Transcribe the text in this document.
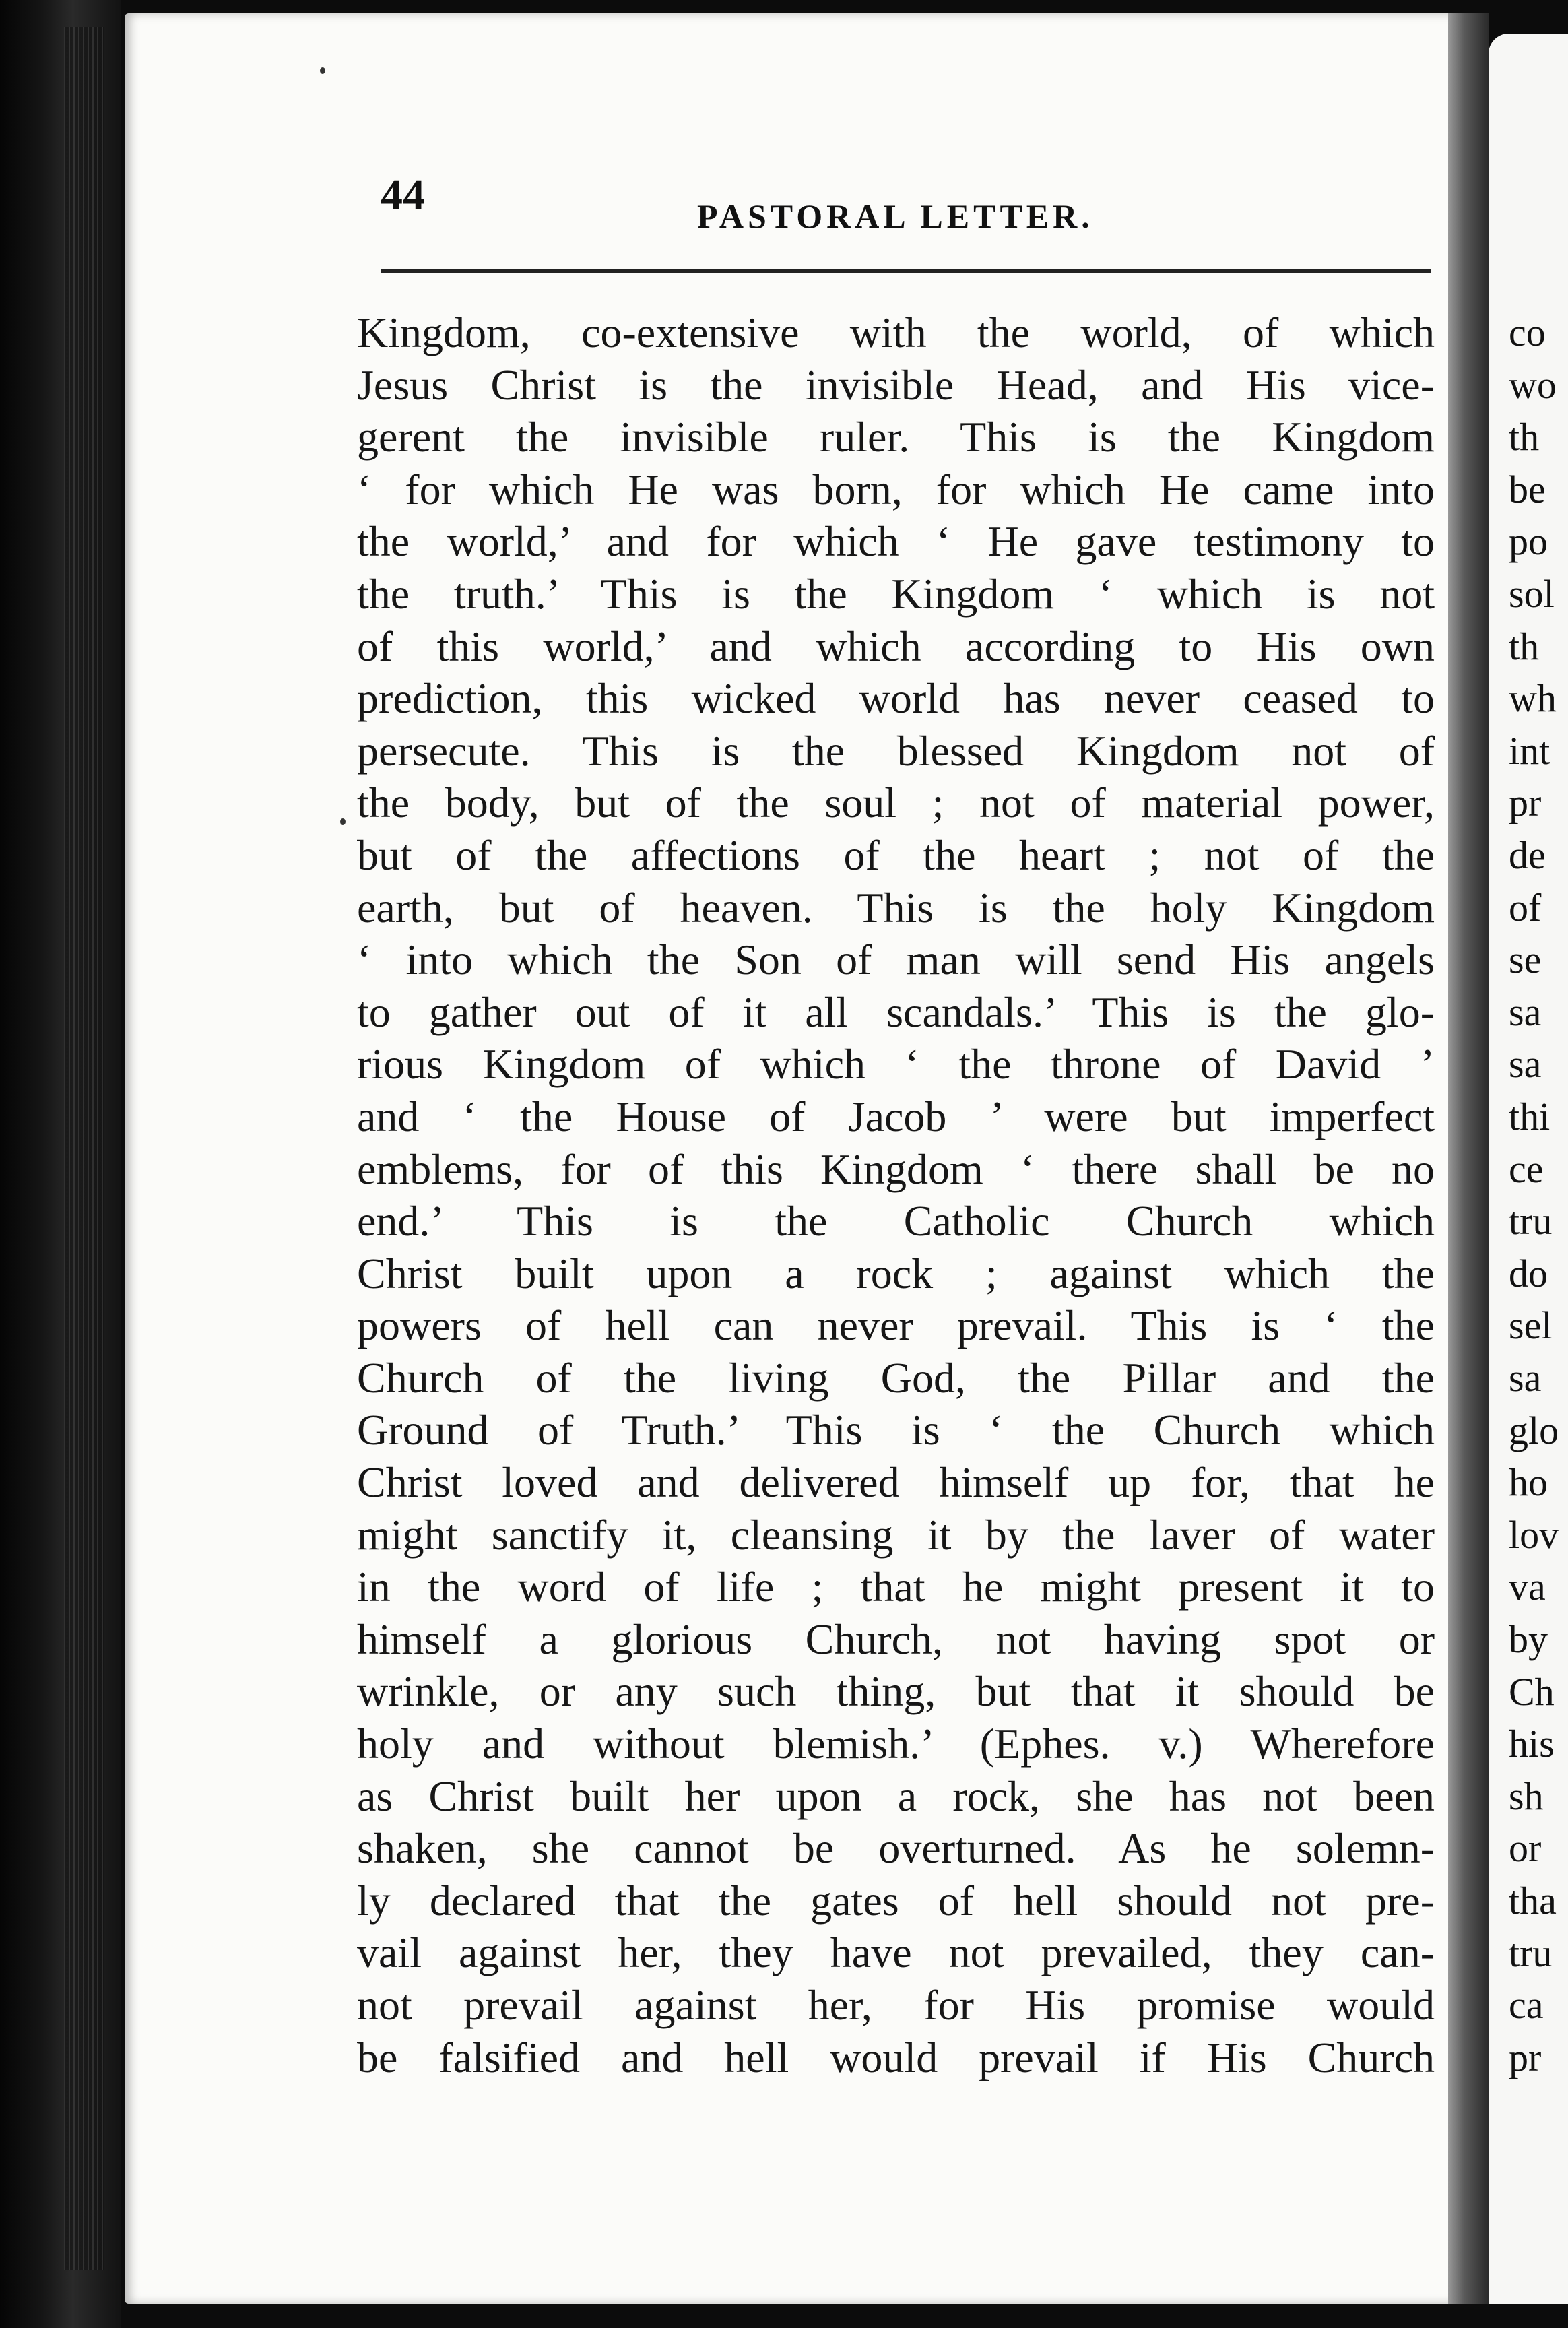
co
wo
th
be
po
sol
th
wh
int
pr
de
of
se
sa
sa
thi
ce
tru
do
sel
sa
glo
ho
lov
va
by
Ch
his
sh
or
tha
tru
ca
pr
44	PASTORAL LETTER.
Kingdom, co-extensive with the world, of which
Jesus Christ is the invisible Head, and His vice-
gerent the invisible ruler. This is the Kingdom
‘ for which He was born, for which He came into
the world,’ and for which ‘ He gave testimony to
the truth.’ This is the Kingdom ‘ which is not
of this world,’ and which according to His own
prediction, this wicked world has never ceased to
persecute. This is the blessed Kingdom not of
the body, but of the soul ; not of material power,
but of the affections of the heart ; not of the
earth, but of heaven. This is the holy Kingdom
‘ into which the Son of man will send His angels
to gather out of it all scandals.’ This is the glo-
rious Kingdom of which ‘ the throne of David ’
and ‘ the House of Jacob ’ were but imperfect
emblems, for of this Kingdom ‘ there shall be no
end.’ This is the Catholic Church which
Christ built upon a rock ; against which the
powers of hell can never prevail. This is ‘ the
Church of the living God, the Pillar and the
Ground of Truth.’ This is ‘ the Church which
Christ loved and delivered himself up for, that he
might sanctify it, cleansing it by the laver of water
in the word of life ; that he might present it to
himself a glorious Church, not having spot or
wrinkle, or any such thing, but that it should be
holy and without blemish.’ (Ephes. v.) Wherefore
as Christ built her upon a rock, she has not been
shaken, she cannot be overturned. As he solemn-
ly declared that the gates of hell should not pre-
vail against her, they have not prevailed, they can-
not prevail against her, for His promise would
be falsified and hell would prevail if His Church
